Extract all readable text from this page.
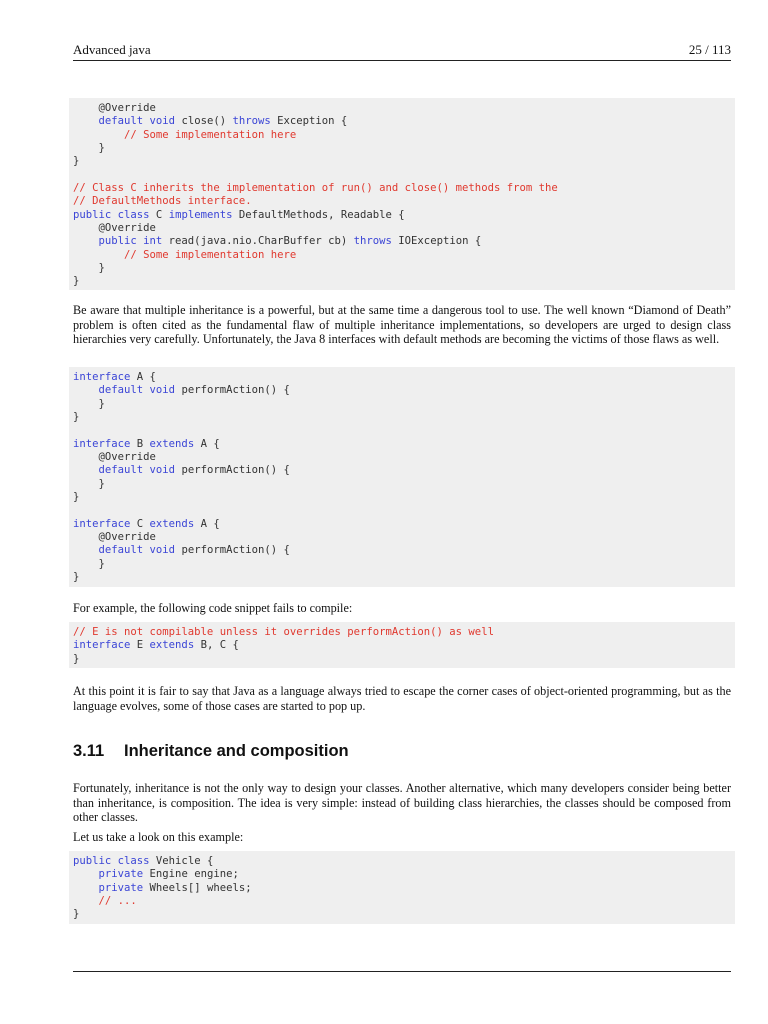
Advanced java	25 / 113
@Override
default void close() throws Exception {
// Some implementation here
}
}
// Class C inherits the implementation of run() and close() methods from the
// DefaultMethods interface.
public class C implements DefaultMethods, Readable {
@Override
public int read(java.nio.CharBuffer cb) throws IOException {
// Some implementation here
}
}
Be aware that multiple inheritance is a powerful, but at the same time a dangerous tool to use. The well known “Diamond of Death” problem is often cited as the fundamental flaw of multiple inheritance implementations, so developers are urged to design class hierarchies very carefully. Unfortunately, the Java 8 interfaces with default methods are becoming the victims of those flaws as well.
interface A {
default void performAction() {
}
}
interface B extends A {
@Override
default void performAction() {
}
}
interface C extends A {
@Override
default void performAction() {
}
}
For example, the following code snippet fails to compile:
// E is not compilable unless it overrides performAction() as well
interface E extends B, C {
}
At this point it is fair to say that Java as a language always tried to escape the corner cases of object-oriented programming, but as the language evolves, some of those cases are started to pop up.
3.11 Inheritance and composition
Fortunately, inheritance is not the only way to design your classes. Another alternative, which many developers consider being better than inheritance, is composition. The idea is very simple: instead of building class hierarchies, the classes should be composed from other classes.
Let us take a look on this example:
public class Vehicle {
private Engine engine;
private Wheels[] wheels;
// ...
}
